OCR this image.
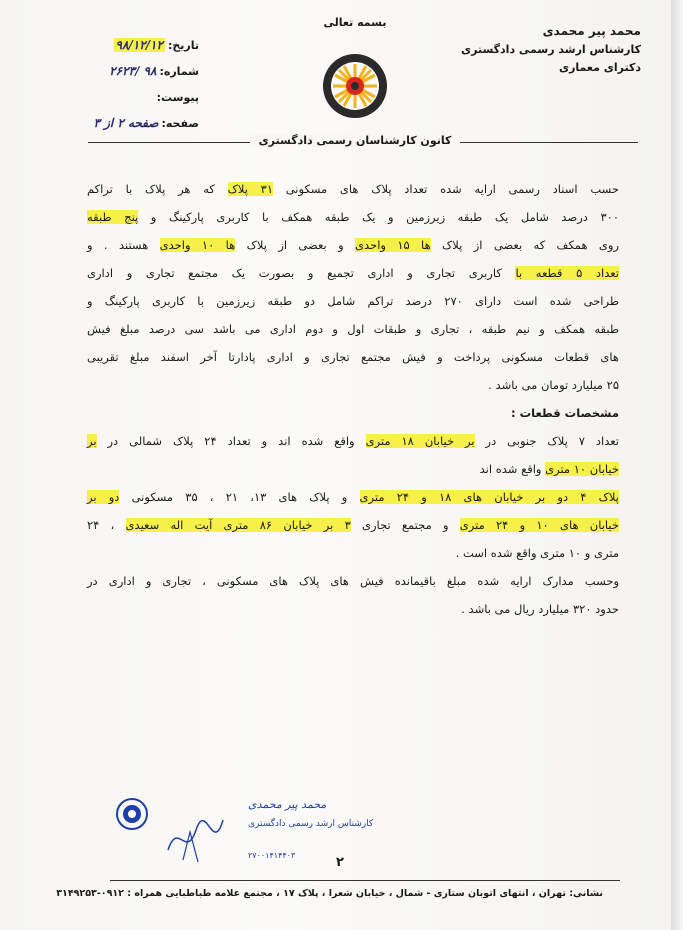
بسمه تعالی
محمد پیر محمدی
کارشناس ارشد رسمی دادگستری
دکترای معماری
تاریخ:
۹۸/۱۲/۱۲
شماره:
۲۶۲۳/ ۹۸
پیوست:
صفحه:
صفحه ۲ از ۳
کانون کارشناسان رسمی دادگستری
حسب اسناد رسمی ارایه شده تعداد پلاک های مسکونی ۳۱ پلاک که هر پلاک با تراکم
۳۰۰ درصد شامل یک طبقه زیرزمین و یک طبقه همکف با کاربری پارکینگ و پنج طبقه
روی همکف که بعضی از پلاک ها ۱۵ واحدی و بعضی از پلاک ها ۱۰ واحدی هستند . و
تعداد ۵ قطعه با کاربری تجاری و اداری تجمیع و بصورت یک مجتمع تجاری و اداری
طراحی شده است دارای ۲۷۰ درصد تراکم شامل دو طبقه زیرزمین با کاربری پارکینگ و
طبقه همکف و نیم طبقه ، تجاری و طبقات اول و دوم اداری می باشد سی درصد مبلغ فیش
های قطعات مسکونی پرداخت و فیش مجتمع تجاری و اداری پادارتا آخر اسفند مبلغ تقریبی
۲۵ میلیارد تومان می باشد .
مشخصات قطعات :
تعداد ۷ پلاک جنوبی در بر خیابان ۱۸ متری واقع شده اند و تعداد ۲۴ پلاک شمالی در بر
خیابان ۱۰ متری واقع شده اند
پلاک ۴ دو بر خیابان های ۱۸ و ۲۴ متری و پلاک های ۱۳، ۲۱ ، ۳۵ مسکونی دو بر
خیابان های ۱۰ و ۲۴ متری و مجتمع تجاری ۳ بر خیابان ۸۶ متری آیت اله سعیدی ، ۲۴
متری و ۱۰ متری واقع شده است .
وحسب مدارک ارایه شده مبلغ باقیمانده فیش های پلاک های مسکونی ، تجاری و اداری در
حدود ۳۲۰ میلیارد ریال می باشد .
محمد پیر محمدی
کارشناس ارشد رسمی دادگستری
۲۷۰۰۱۴۱۴۴۰۳	۲
نشانی: تهران ، انتهای اتوبان ستاری - شمال ، خیابان شعرا ، پلاک ۱۷ ، مجتمع علامه طباطبایی همراه : ۰۹۱۲-۳۱۴۹۲۵۳
